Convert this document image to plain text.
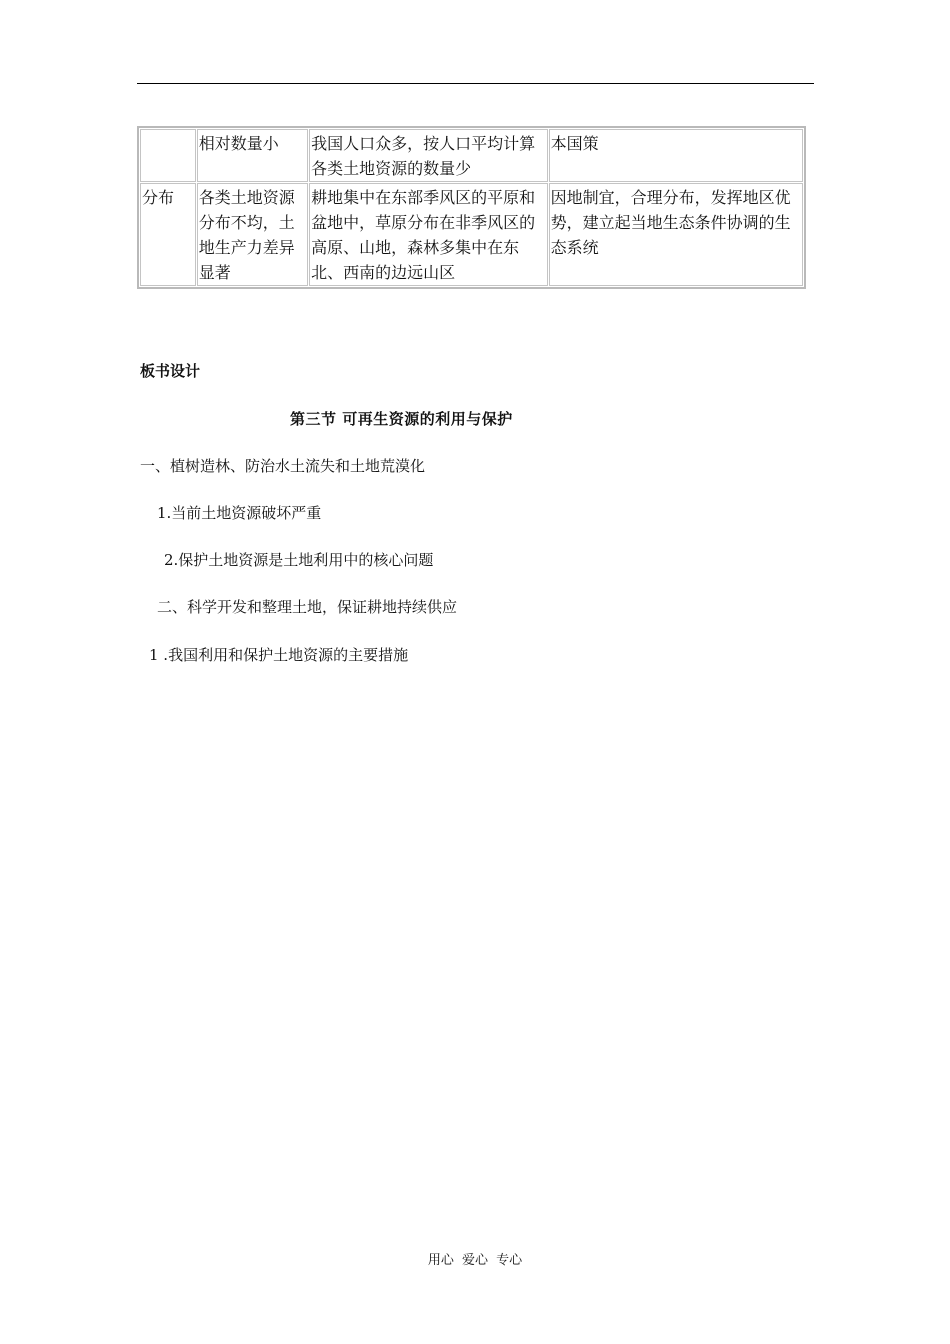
	相对数量小	我国人口众多，按人口平均计算各类土地资源的数量少	本国策
分布	各类土地资源分布不均，土地生产力差异显著	耕地集中在东部季风区的平原和盆地中，草原分布在非季风区的高原、山地，森林多集中在东北、西南的边远山区	因地制宜，合理分布，发挥地区优势，建立起当地生态条件协调的生态系统
板书设计
第三节 可再生资源的利用与保护
一、植树造林、防治水土流失和土地荒漠化
1.当前土地资源破坏严重
2.保护土地资源是土地利用中的核心问题
二、科学开发和整理土地，保证耕地持续供应
1 .我国利用和保护土地资源的主要措施
用心 爱心 专心
